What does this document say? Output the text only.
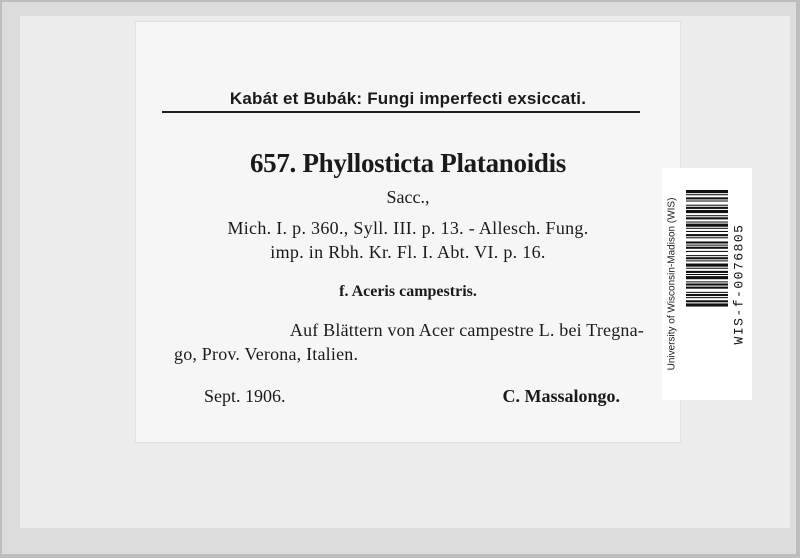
Kabát et Bubák: Fungi imperfecti exsiccati.
657. Phyllosticta Platanoidis
Sacc.,
Mich. I. p. 360., Syll. III. p. 13. - Allesch. Fung.
imp. in Rbh. Kr. Fl. I. Abt. VI. p. 16.
f. Aceris campestris.
Auf Blättern von Acer campestre L. bei Tregna-
go, Prov. Verona, Italien.
Sept. 1906.	C. Massalongo.
University of Wisconsin-Madison (WIS)	WIS-f-0076805
